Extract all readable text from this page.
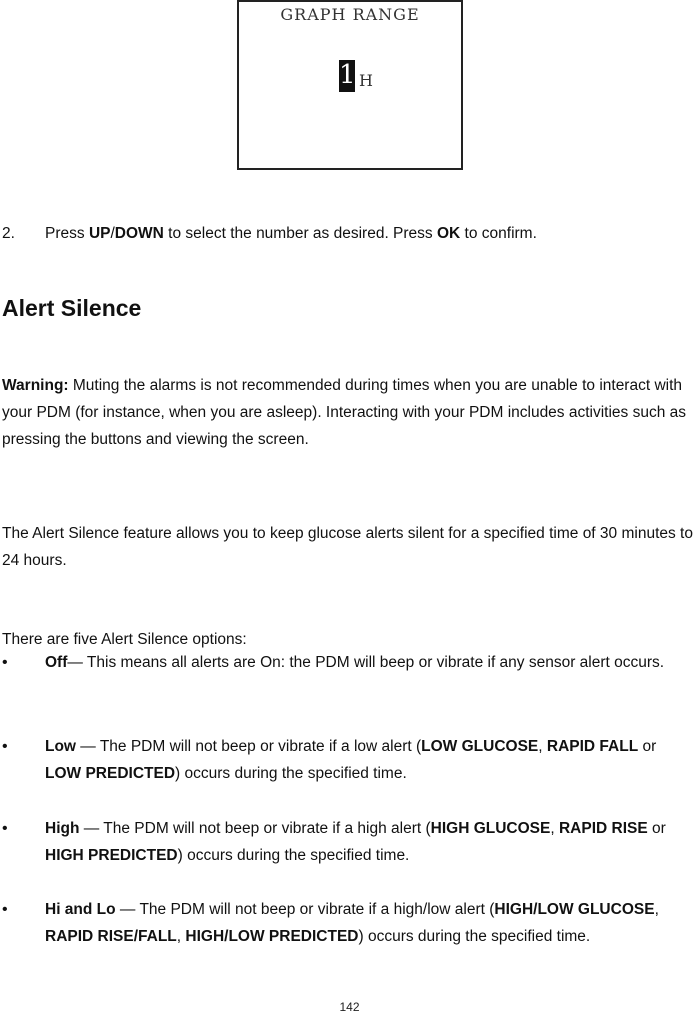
GRAPH RANGE
1 H
2. Press UP/DOWN to select the number as desired. Press OK to confirm.
Alert Silence
Warning: Muting the alarms is not recommended during times when you are unable to interact with your PDM (for instance, when you are asleep). Interacting with your PDM includes activities such as pressing the buttons and viewing the screen.
The Alert Silence feature allows you to keep glucose alerts silent for a specified time of 30 minutes to 24 hours.
There are five Alert Silence options:
• Off— This means all alerts are On: the PDM will beep or vibrate if any sensor alert occurs.
• Low — The PDM will not beep or vibrate if a low alert (LOW GLUCOSE, RAPID FALL or LOW PREDICTED) occurs during the specified time.
• High — The PDM will not beep or vibrate if a high alert (HIGH GLUCOSE, RAPID RISE or HIGH PREDICTED) occurs during the specified time.
• Hi and Lo — The PDM will not beep or vibrate if a high/low alert (HIGH/LOW GLUCOSE, RAPID RISE/FALL, HIGH/LOW PREDICTED) occurs during the specified time.
142
